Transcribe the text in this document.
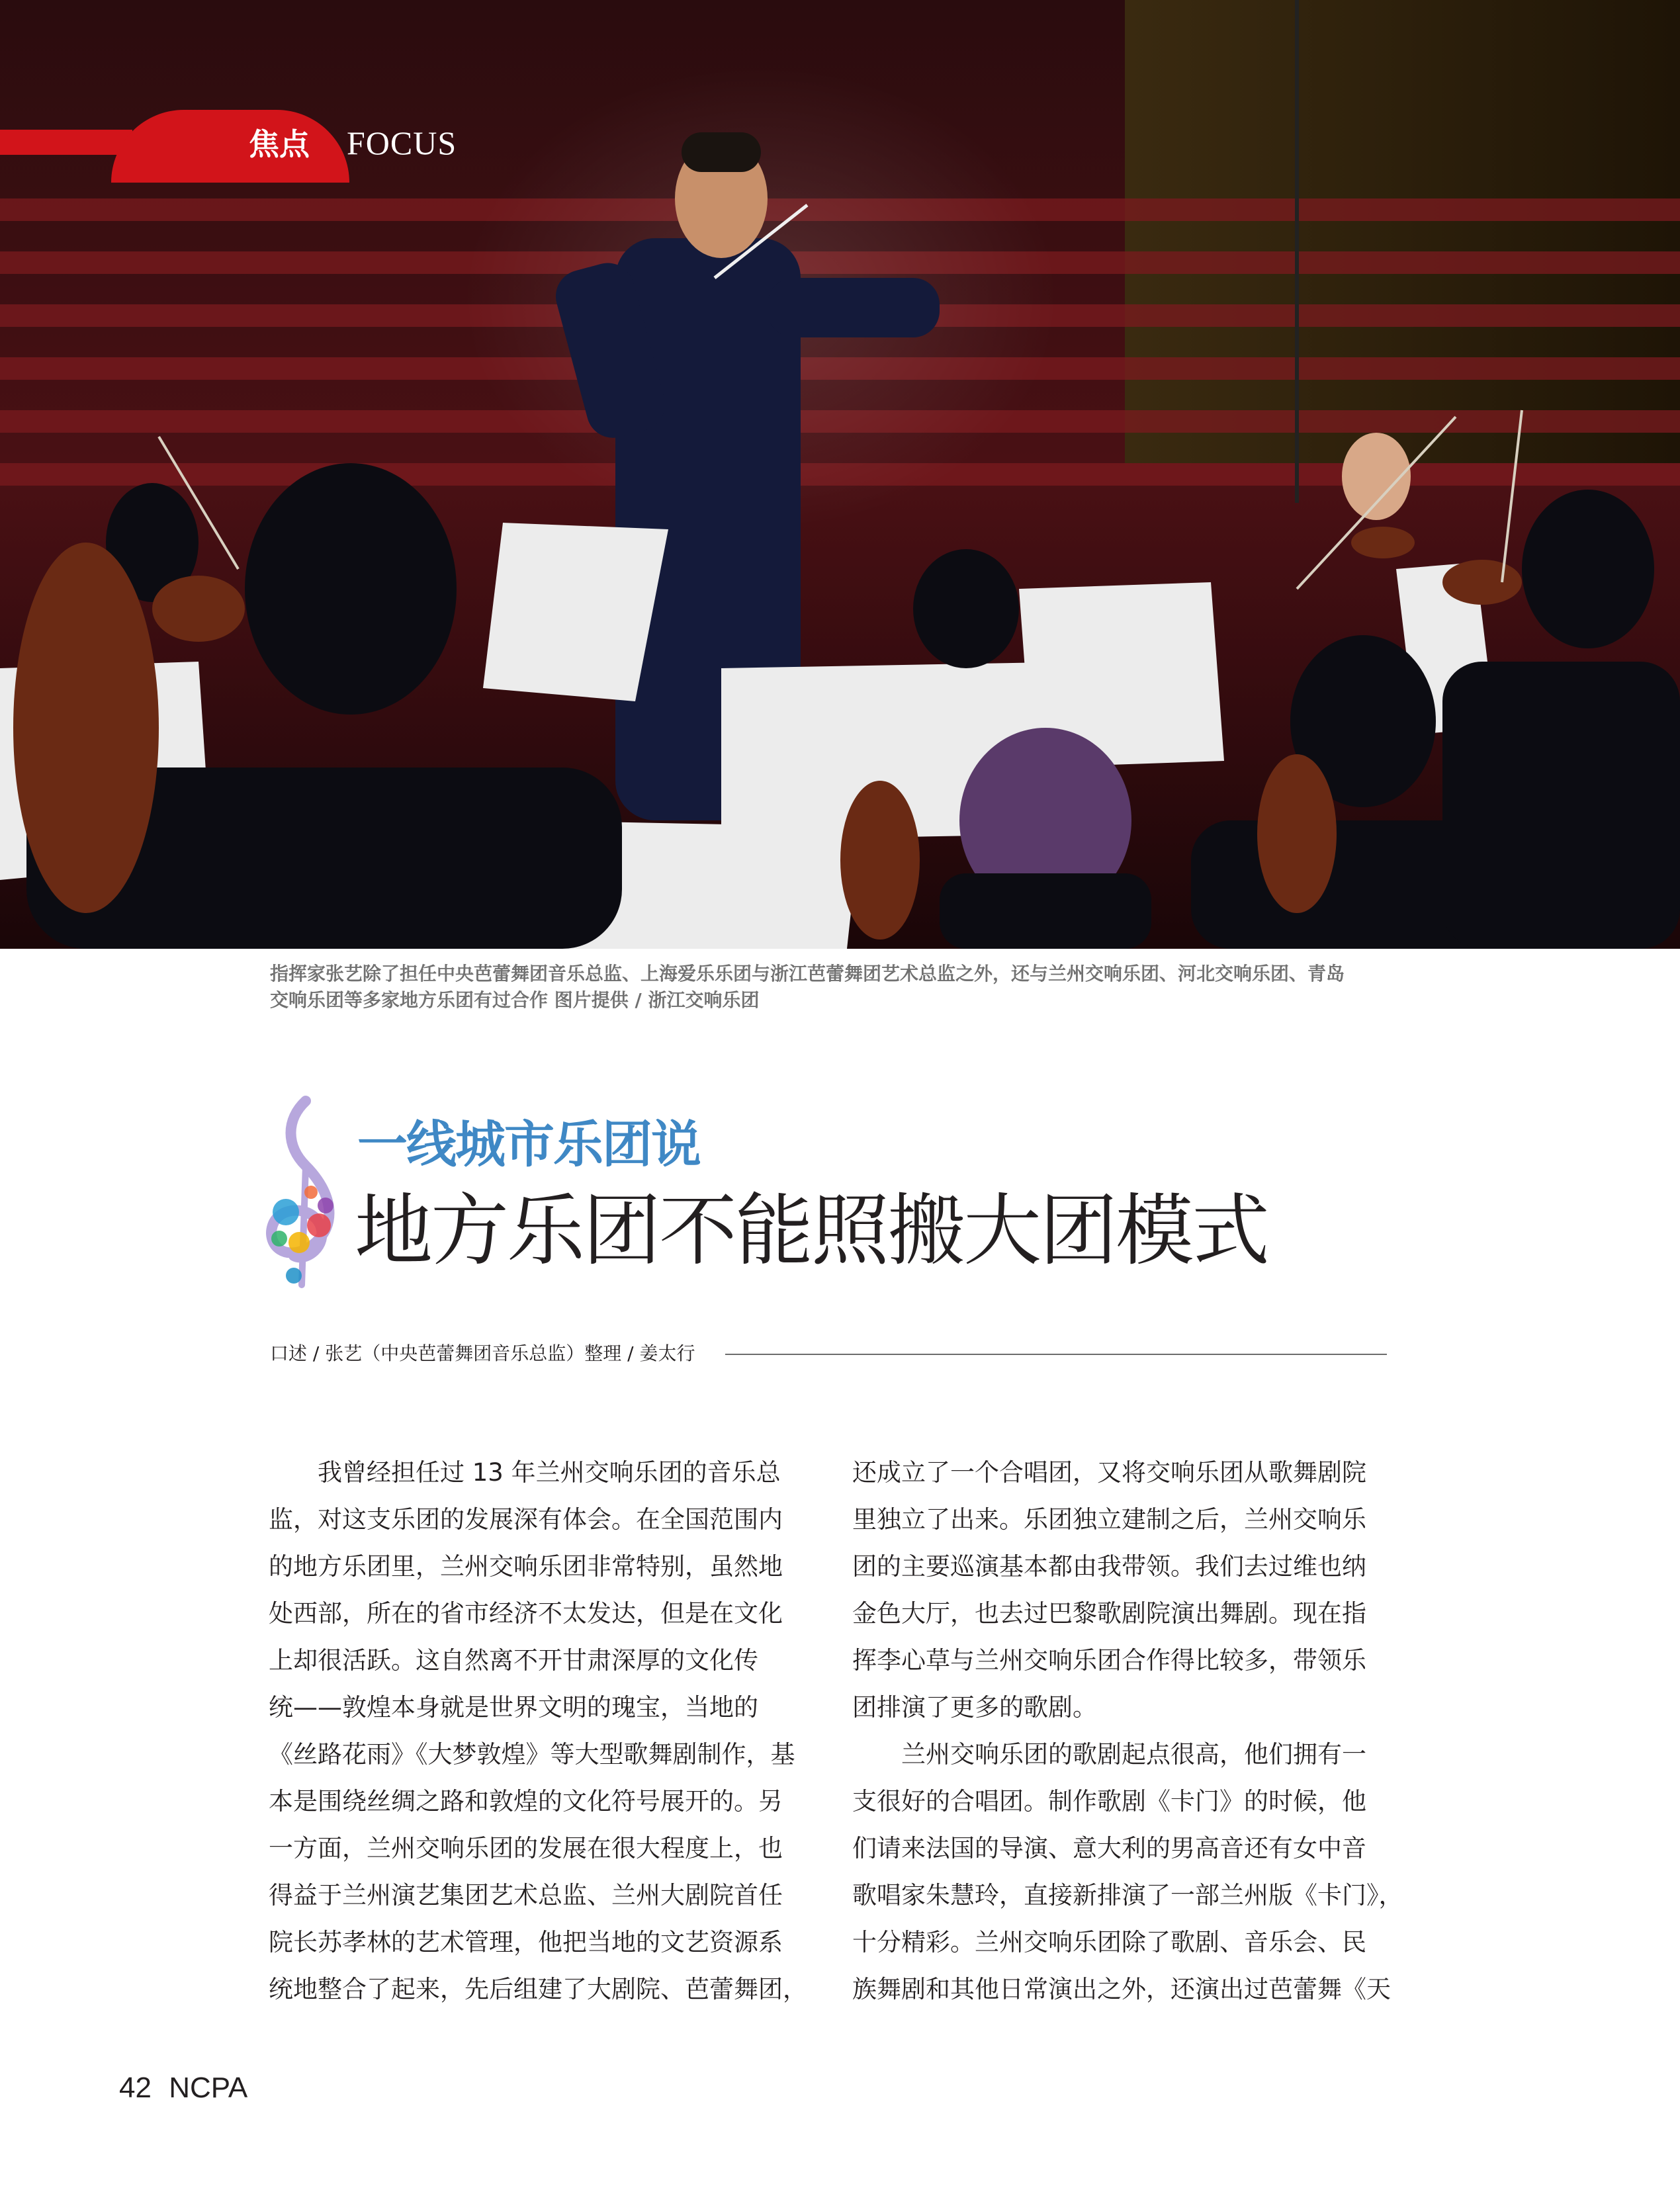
焦点 FOCUS

指挥家张艺除了担任中央芭蕾舞团音乐总监、上海爱乐乐团与浙江芭蕾舞团艺术总监之外，还与兰州交响乐团、河北交响乐团、青岛

交响乐团等多家地方乐团有过合作 图片提供 / 浙江交响乐团

一线城市乐团说
地方乐团不能照搬大团模式
口述 / 张艺（中央芭蕾舞团音乐总监）整理 / 姜太行

　　我曾经担任过 13 年兰州交响乐团的音乐总

监，对这支乐团的发展深有体会。在全国范围内

的地方乐团里，兰州交响乐团非常特别，虽然地

处西部，所在的省市经济不太发达，但是在文化

上却很活跃。这自然离不开甘肃深厚的文化传

统——敦煌本身就是世界文明的瑰宝，当地的

《丝路花雨》《大梦敦煌》等大型歌舞剧制作，基

本是围绕丝绸之路和敦煌的文化符号展开的。另

一方面，兰州交响乐团的发展在很大程度上，也

得益于兰州演艺集团艺术总监、兰州大剧院首任

院长苏孝林的艺术管理，他把当地的文艺资源系

统地整合了起来，先后组建了大剧院、芭蕾舞团，

还成立了一个合唱团，又将交响乐团从歌舞剧院

里独立了出来。乐团独立建制之后，兰州交响乐

团的主要巡演基本都由我带领。我们去过维也纳

金色大厅，也去过巴黎歌剧院演出舞剧。现在指

挥李心草与兰州交响乐团合作得比较多，带领乐

团排演了更多的歌剧。

　　兰州交响乐团的歌剧起点很高，他们拥有一

支很好的合唱团。制作歌剧《卡门》的时候，他

们请来法国的导演、意大利的男高音还有女中音

歌唱家朱慧玲，直接新排演了一部兰州版《卡门》，

十分精彩。兰州交响乐团除了歌剧、音乐会、民

族舞剧和其他日常演出之外，还演出过芭蕾舞《天

42 NCPA
